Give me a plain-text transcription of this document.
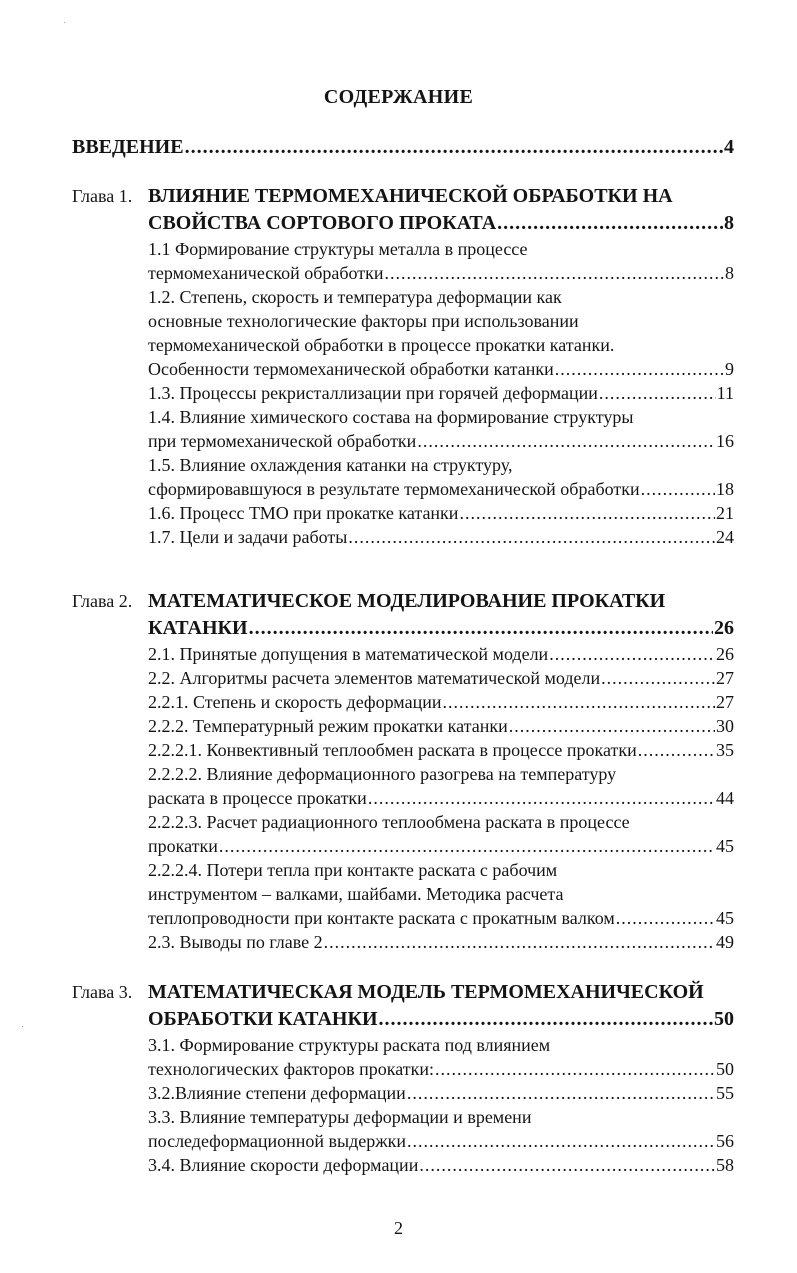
СОДЕРЖАНИЕ
ВВЕДЕНИЕ .....	4
Глава 1. ВЛИЯНИЕ ТЕРМОМЕХАНИЧЕСКОЙ ОБРАБОТКИ НА
СВОЙСТВА СОРТОВОГО ПРОКАТА .....	8
1.1 Формирование структуры металла в процессе
термомеханической обработки .....	8
1.2. Степень, скорость и температура деформации как
основные технологические факторы при использовании
термомеханической обработки в процессе прокатки катанки.
Особенности термомеханической обработки катанки .....	9
1.3. Процессы рекристаллизации при горячей деформации .....	11
1.4. Влияние химического состава на формирование структуры
при термомеханической обработки .....	16
1.5. Влияние охлаждения катанки на структуру,
сформировавшуюся в результате термомеханической обработки .....	18
1.6. Процесс ТМО при прокатке катанки .....	21
1.7. Цели и задачи работы .....	24
Глава 2. МАТЕМАТИЧЕСКОЕ МОДЕЛИРОВАНИЕ ПРОКАТКИ
КАТАНКИ .....	26
2.1. Принятые допущения в математической модели .....	26
2.2. Алгоритмы расчета элементов математической модели .....	27
2.2.1. Степень и скорость деформации .....	27
2.2.2. Температурный режим прокатки катанки .....	30
2.2.2.1. Конвективный теплообмен раската в процессе прокатки .....	35
2.2.2.2. Влияние деформационного разогрева на температуру
раската в процессе прокатки .....	44
2.2.2.3. Расчет радиационного теплообмена раската в процессе
прокатки .....	45
2.2.2.4. Потери тепла при контакте раската с рабочим
инструментом – валками, шайбами. Методика расчета
теплопроводности при контакте раската с прокатным валком .....	45
2.3. Выводы по главе 2 .....	49
Глава 3. МАТЕМАТИЧЕСКАЯ МОДЕЛЬ ТЕРМОМЕХАНИЧЕСКОЙ
ОБРАБОТКИ КАТАНКИ .....	50
3.1. Формирование структуры раската под влиянием
технологических факторов прокатки: .....	50
3.2.Влияние степени деформации .....	55
3.3. Влияние температуры деформации и времени
последеформационной выдержки .....	56
3.4. Влияние скорости деформации .....	58
2
